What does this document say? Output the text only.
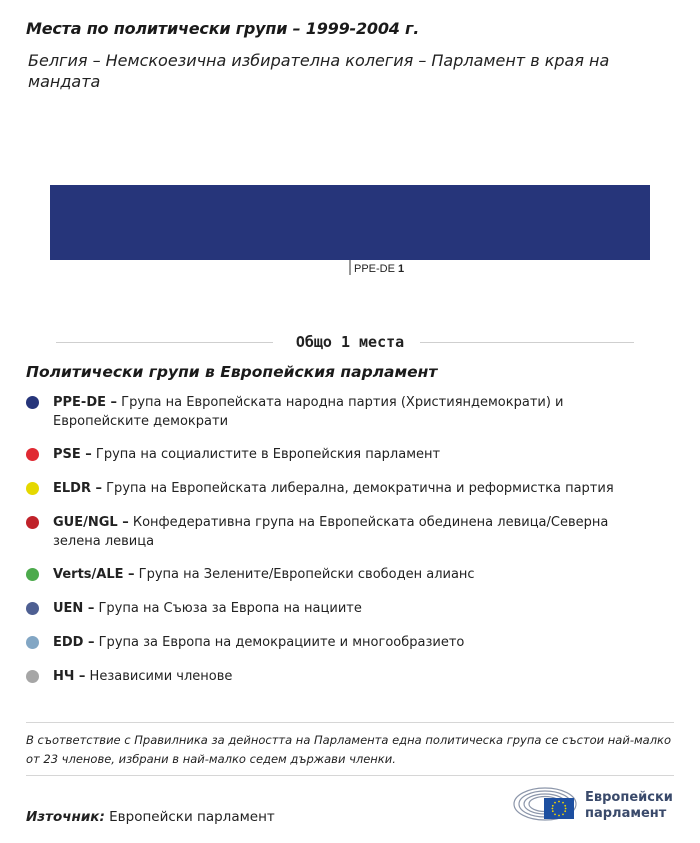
Места по политически групи – 1999-2004 г.
Белгия – Немскоезична избирателна колегия – Парламент в края на мандата
PPE-DE 1
Общо 1 места
Политически групи в Европейския парламент
PPE-DE – Група на Европейската народна партия (Християндемократи) и Европейските демократи
PSE – Група на социалистите в Европейския парламент
ELDR – Група на Европейската либерална, демократична и реформистка партия
GUE/NGL – Конфедеративна група на Европейската обединена левица/Северна зелена левица
Verts/ALE – Група на Зелените/Европейски свободен алианс
UEN – Група на Съюза за Европа на нациите
EDD – Група за Европа на демокрациите и многообразието
НЧ – Независими членове
В съответствие с Правилника за дейността на Парламента една политическа група се състои най-малко от 23 членове, избрани в най-малко седем държави членки.
Източник: Европейски парламент
Европейски
парламент
